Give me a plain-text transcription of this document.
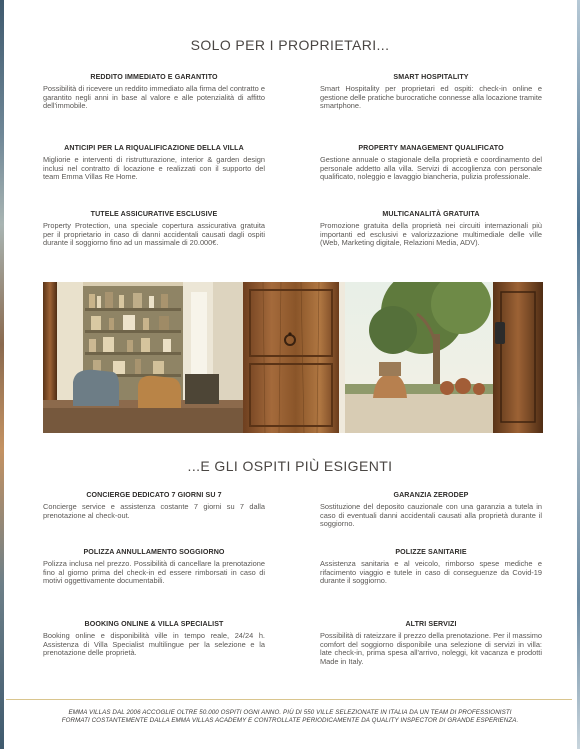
SOLO PER I PROPRIETARI...
REDDITO IMMEDIATO E GARANTITO
Possibilità di ricevere un reddito immediato alla firma del contratto e garantito negli anni in base al valore e alle potenzialità di affitto dell'immobile.
SMART HOSPITALITY
Smart Hospitality per proprietari ed ospiti: check-in online e gestione delle pratiche burocratiche connesse alla locazione tramite smartphone.
ANTICIPI PER LA RIQUALIFICAZIONE DELLA VILLA
Migliorie e interventi di ristrutturazione, interior & garden design inclusi nel contratto di locazione e realizzati con il supporto del team Emma Villas Re Home.
PROPERTY MANAGEMENT QUALIFICATO
Gestione annuale o stagionale della proprietà e coordinamento del personale addetto alla villa. Servizi di accoglienza con personale qualificato, noleggio e lavaggio biancheria, pulizia professionale.
TUTELE ASSICURATIVE ESCLUSIVE
Property Protection, una speciale copertura assicurativa gratuita per il proprietario in caso di danni accidentali causati dagli ospiti durante il soggiorno fino ad un massimale di 20.000€.
MULTICANALITÀ GRATUITA
Promozione gratuita della proprietà nei circuiti internazionali più importanti ed esclusivi e valorizzazione multimediale delle ville (Web, Marketing digitale, Relazioni Media, ADV).
...E GLI OSPITI PIÙ ESIGENTI
CONCIERGE DEDICATO 7 GIORNI SU 7
Concierge service e assistenza costante 7 giorni su 7 dalla prenotazione al check-out.
GARANZIA ZERODEP
Sostituzione del deposito cauzionale con una garanzia a tutela in caso di eventuali danni accidentali causati alla proprietà durante il soggiorno.
POLIZZA ANNULLAMENTO SOGGIORNO
Polizza inclusa nel prezzo. Possibilità di cancellare la prenotazione fino al giorno prima del check-in ed essere rimborsati in caso di motivi oggettivamente documentabili.
POLIZZE SANITARIE
Assistenza sanitaria e al veicolo, rimborso spese mediche e rifacimento viaggio e tutele in caso di conseguenze da Covid-19 durante il soggiorno.
BOOKING ONLINE & VILLA SPECIALIST
Booking online e disponibilità ville in tempo reale, 24/24 h. Assistenza di Villa Specialist multilingue per la selezione e la prenotazione delle proprietà.
ALTRI SERVIZI
Possibilità di rateizzare il prezzo della prenotazione. Per il massimo comfort del soggiorno disponibile una selezione di servizi in villa: late check-in, prima spesa all'arrivo, noleggi, kit vacanza e prodotti Made in Italy.
EMMA VILLAS DAL 2006 ACCOGLIE OLTRE 50.000 OSPITI OGNI ANNO. PIÙ DI 550 VILLE SELEZIONATE IN ITALIA DA UN TEAM DI PROFESSIONISTI
FORMATI COSTANTEMENTE DALLA EMMA VILLAS ACADEMY E CONTROLLATE PERIODICAMENTE DA QUALITY INSPECTOR DI GRANDE ESPERIENZA.
